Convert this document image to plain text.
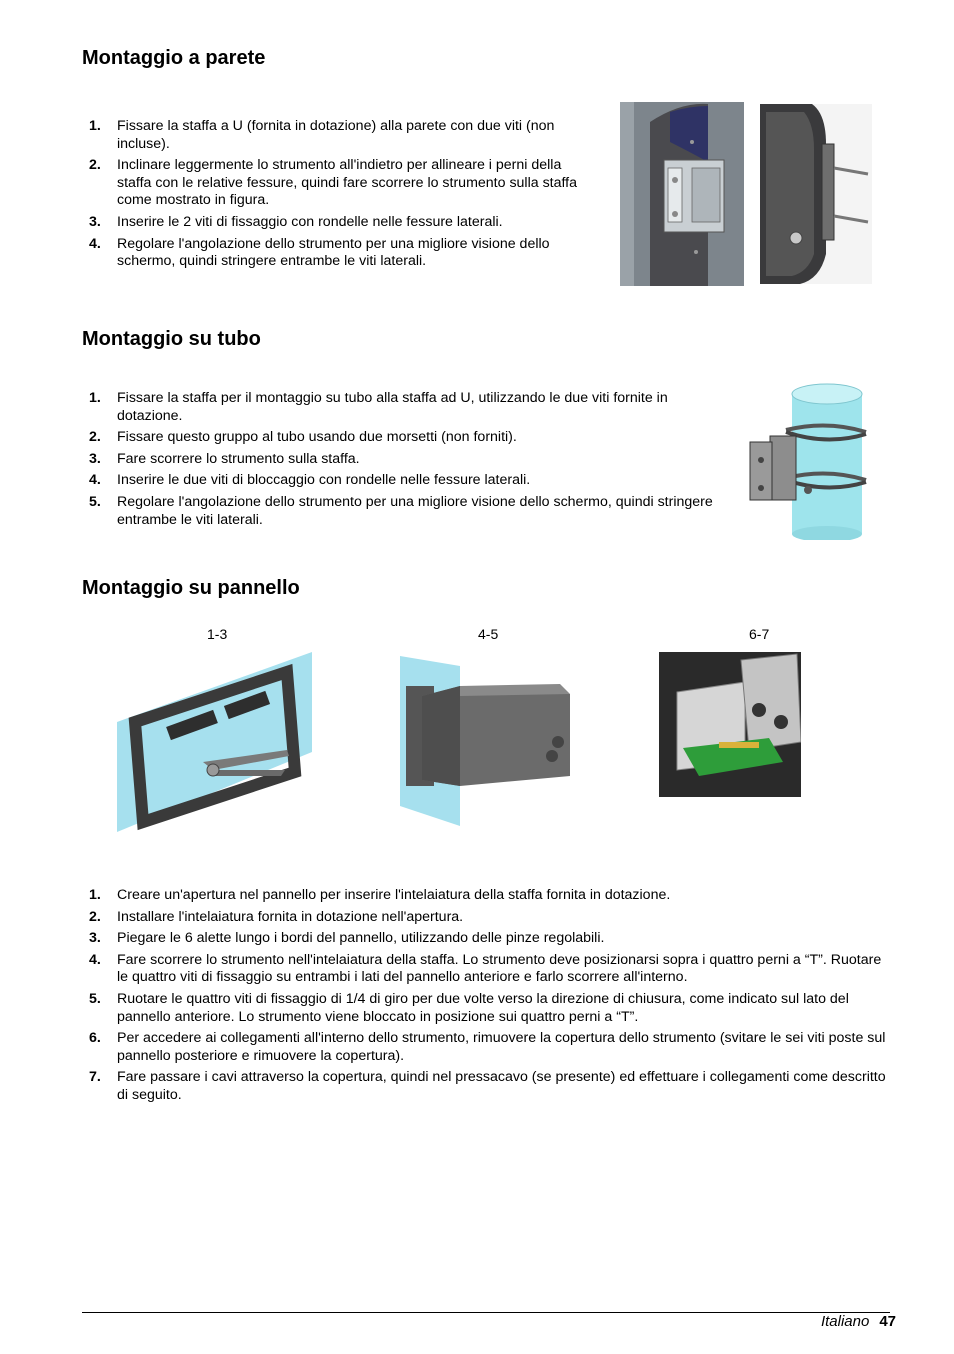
Montaggio a parete
1. Fissare la staffa a U (fornita in dotazione) alla parete con due viti (non incluse).
2. Inclinare leggermente lo strumento all'indietro per allineare i perni della staffa con le relative fessure, quindi fare scorrere lo strumento sulla staffa come mostrato in figura.
3. Inserire le 2 viti di fissaggio con rondelle nelle fessure laterali.
4. Regolare l'angolazione dello strumento per una migliore visione dello schermo, quindi stringere entrambe le viti laterali.
Montaggio su tubo
1. Fissare la staffa per il montaggio su tubo alla staffa ad U, utilizzando le due viti fornite in dotazione.
2. Fissare questo gruppo al tubo usando due morsetti (non forniti).
3. Fare scorrere lo strumento sulla staffa.
4. Inserire le due viti di bloccaggio con rondelle nelle fessure laterali.
5. Regolare l'angolazione dello strumento per una migliore visione dello schermo, quindi stringere entrambe le viti laterali.
Montaggio su pannello
1-3	4-5	6-7
1. Creare un'apertura nel pannello per inserire l'intelaiatura della staffa fornita in dotazione.
2. Installare l'intelaiatura fornita in dotazione nell'apertura.
3. Piegare le 6 alette lungo i bordi del pannello, utilizzando delle pinze regolabili.
4. Fare scorrere lo strumento nell'intelaiatura della staffa. Lo strumento deve posizionarsi sopra i quattro perni a “T”. Ruotare le quattro viti di fissaggio su entrambi i lati del pannello anteriore e farlo scorrere all'interno.
5. Ruotare le quattro viti di fissaggio di 1/4 di giro per due volte verso la direzione di chiusura, come indicato sul lato del pannello anteriore. Lo strumento viene bloccato in posizione sui quattro perni a “T”.
6. Per accedere ai collegamenti all'interno dello strumento, rimuovere la copertura dello strumento (svitare le sei viti poste sul pannello posteriore e rimuovere la copertura).
7. Fare passare i cavi attraverso la copertura, quindi nel pressacavo (se presente) ed effettuare i collegamenti come descritto di seguito.
Italiano 47
